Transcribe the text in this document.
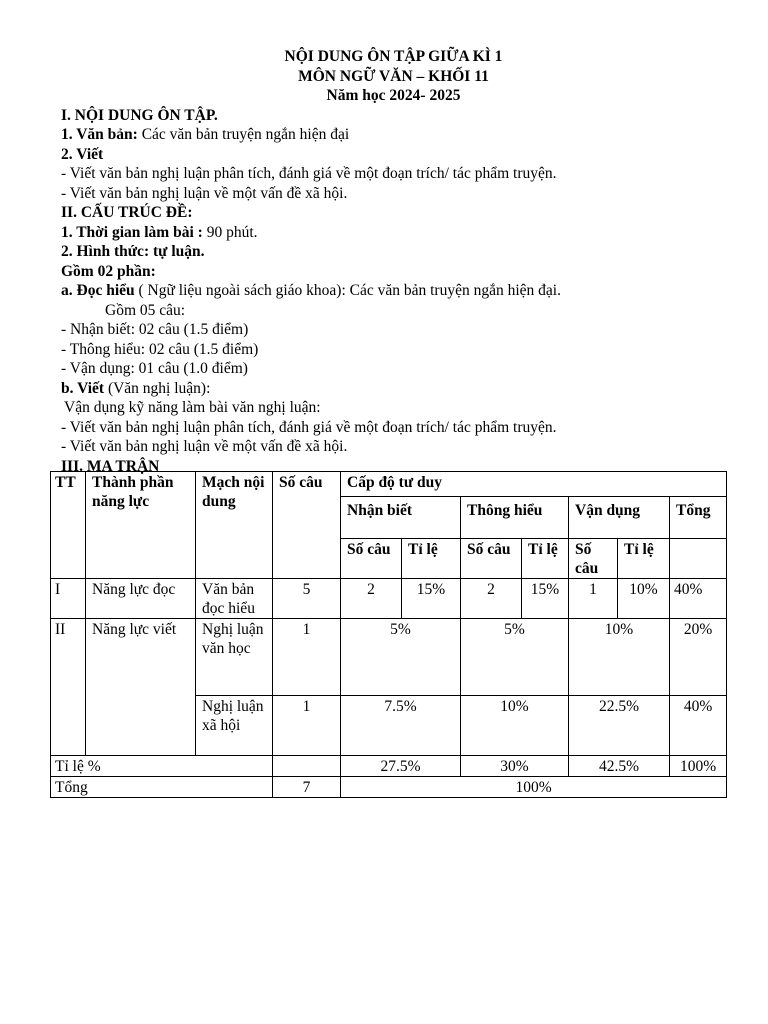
NỘI DUNG ÔN TẬP GIỮA KÌ 1
MÔN NGỮ VĂN – KHỐI 11
Năm học 2024- 2025
I. NỘI DUNG ÔN TẬP.
1. Văn bản: Các văn bản truyện ngắn hiện đại
2. Viết
- Viết văn bản nghị luận phân tích, đánh giá về một đoạn trích/ tác phẩm truyện.
- Viết văn bản nghị luận về một vấn đề xã hội.
II. CẤU TRÚC ĐỀ:
1. Thời gian làm bài : 90 phút.
2. Hình thức: tự luận.
Gồm 02 phần:
a. Đọc hiểu ( Ngữ liệu ngoài sách giáo khoa): Các văn bản truyện ngắn hiện đại.
Gồm 05 câu:
- Nhận biết: 02 câu (1.5 điểm)
- Thông hiểu: 02 câu (1.5 điểm)
- Vận dụng: 01 câu (1.0 điểm)
b. Viết (Văn nghị luận):
Vận dụng kỹ năng làm bài văn nghị luận:
- Viết văn bản nghị luận phân tích, đánh giá về một đoạn trích/ tác phẩm truyện.
- Viết văn bản nghị luận về một vấn đề xã hội.
III. MA TRẬN
TT	Thành phần năng lực	Mạch nội dung	Số câu	Cấp độ tư duy						
				Nhận biết		Thông hiểu		Vận dụng		Tổng
				Số câu	Tỉ lệ	Số câu	Tỉ lệ	Số câu	Tỉ lệ	
I	Năng lực đọc	Văn bản đọc hiểu	5	2	15%	2	15%	1	10%	40%
II	Năng lực viết	Nghị luận văn học	1	5%		5%		10%		20%
		Nghị luận xã hội	1	7.5%		10%		22.5%		40%
Tỉ lệ %				27.5%		30%		42.5%		100%
Tổng			7	100%						
